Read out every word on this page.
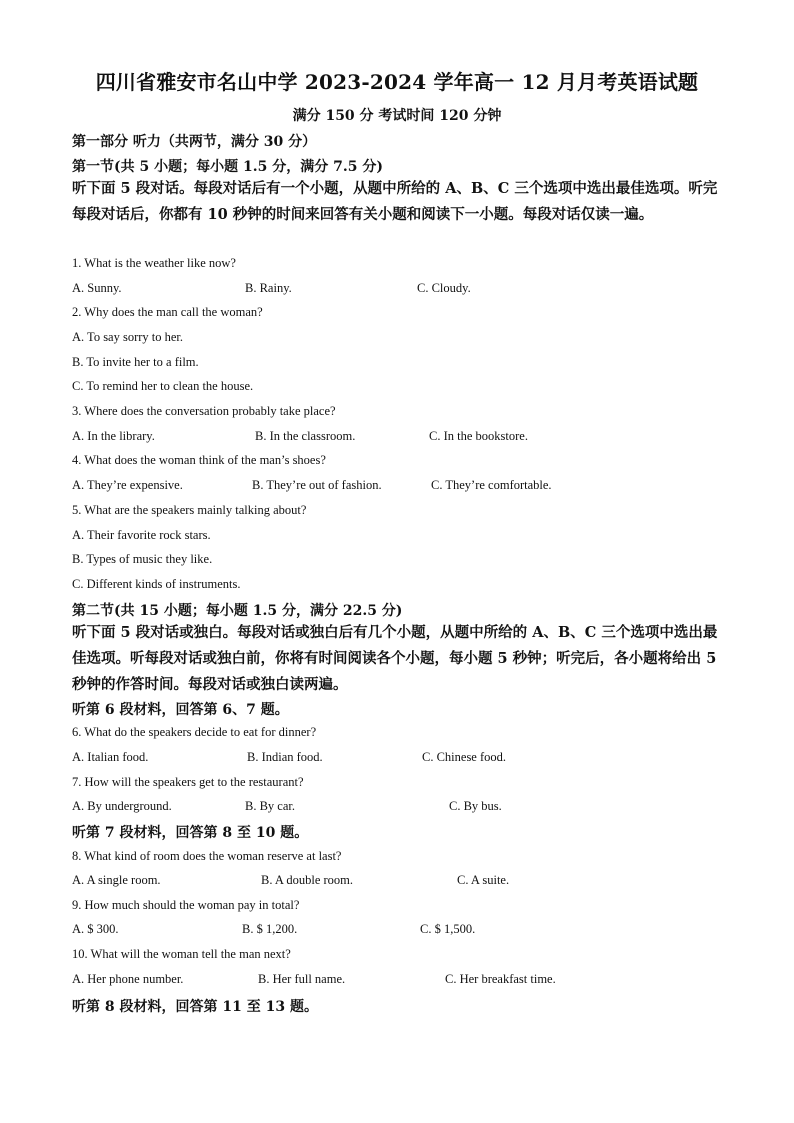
四川省雅安市名山中学 2023-2024 学年高一 12 月月考英语试题
满分 150 分 考试时间 120 分钟
第一部分 听力（共两节，满分 30 分）
第一节(共 5 小题；每小题 1.5 分，满分 7.5 分)
听下面 5 段对话。每段对话后有一个小题，从题中所给的 A、B、C 三个选项中选出最佳选项。听完每段对话后，你都有 10 秒钟的时间来回答有关小题和阅读下一小题。每段对话仅读一遍。
1. What is the weather like now?
A. Sunny.	B. Rainy.	C. Cloudy.
2. Why does the man call the woman?
A. To say sorry to her.
B. To invite her to a film.
C. To remind her to clean the house.
3. Where does the conversation probably take place?
A. In the library.	B. In the classroom.	C. In the bookstore.
4. What does the woman think of the man’s shoes?
A. They’re expensive.	B. They’re out of fashion.	C. They’re comfortable.
5. What are the speakers mainly talking about?
A. Their favorite rock stars.
B. Types of music they like.
C. Different kinds of instruments.
第二节(共 15 小题；每小题 1.5 分，满分 22.5 分)
听下面 5 段对话或独白。每段对话或独白后有几个小题，从题中所给的 A、B、C 三个选项中选出最佳选项。听每段对话或独白前，你将有时间阅读各个小题，每小题 5 秒钟；听完后，各小题将给出 5 秒钟的作答时间。每段对话或独白读两遍。
听第 6 段材料，回答第 6、7 题。
6. What do the speakers decide to eat for dinner?
A. Italian food.	B. Indian food.	C. Chinese food.
7. How will the speakers get to the restaurant?
A. By underground.	B. By car.	C. By bus.
听第 7 段材料，回答第 8 至 10 题。
8. What kind of room does the woman reserve at last?
A. A single room.	B. A double room.	C. A suite.
9. How much should the woman pay in total?
A. $ 300.	B. $ 1,200.	C. $ 1,500.
10. What will the woman tell the man next?
A. Her phone number.	B. Her full name.	C. Her breakfast time.
听第 8 段材料，回答第 11 至 13 题。
